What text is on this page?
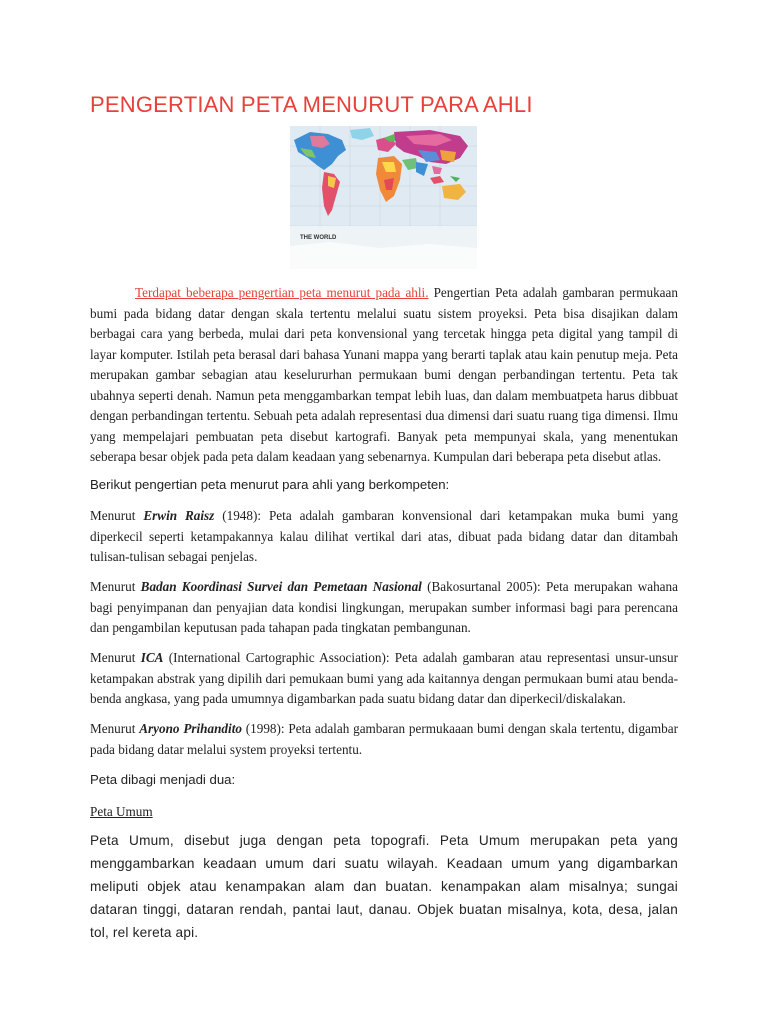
PENGERTIAN PETA MENURUT PARA AHLI
THE WORLD

Terdapat beberapa pengertian peta menurut pada ahli. Pengertian Peta adalah gambaran permukaan bumi pada bidang datar dengan skala tertentu melalui suatu sistem proyeksi. Peta bisa disajikan dalam berbagai cara yang berbeda, mulai dari peta konvensional yang tercetak hingga peta digital yang tampil di layar komputer. Istilah peta berasal dari bahasa Yunani mappa yang berarti taplak atau kain penutup meja. Peta merupakan gambar sebagian atau keselururhan permukaan bumi dengan perbandingan tertentu. Peta tak ubahnya seperti denah. Namun peta menggambarkan tempat lebih luas, dan dalam membuatpeta harus dibbuat dengan perbandingan tertentu. Sebuah peta adalah representasi dua dimensi dari suatu ruang tiga dimensi. Ilmu yang mempelajari pembuatan peta disebut kartografi. Banyak peta mempunyai skala, yang menentukan seberapa besar objek pada peta dalam keadaan yang sebenarnya. Kumpulan dari beberapa peta disebut atlas.

Berikut pengertian peta menurut para ahli yang berkompeten:

Menurut Erwin Raisz (1948): Peta adalah gambaran konvensional dari ketampakan muka bumi yang diperkecil seperti ketampakannya kalau dilihat vertikal dari atas, dibuat pada bidang datar dan ditambah tulisan-tulisan sebagai penjelas.

Menurut Badan Koordinasi Survei dan Pemetaan Nasional (Bakosurtanal 2005): Peta merupakan wahana bagi penyimpanan dan penyajian data kondisi lingkungan, merupakan sumber informasi bagi para perencana dan pengambilan keputusan pada tahapan pada tingkatan pembangunan.

Menurut ICA (International Cartographic Association): Peta adalah gambaran atau representasi unsur-unsur ketampakan abstrak yang dipilih dari pemukaan bumi yang ada kaitannya dengan permukaan bumi atau benda-benda angkasa, yang pada umumnya digambarkan pada suatu bidang datar dan diperkecil/diskalakan.

Menurut Aryono Prihandito (1998): Peta adalah gambaran permukaaan bumi dengan skala tertentu, digambar pada bidang datar melalui system proyeksi tertentu.

Peta dibagi menjadi dua:

Peta Umum

Peta Umum, disebut juga dengan peta topografi. Peta Umum merupakan peta yang menggambarkan keadaan umum dari suatu wilayah. Keadaan umum yang digambarkan meliputi objek atau kenampakan alam dan buatan. kenampakan alam misalnya; sungai dataran tinggi, dataran rendah, pantai laut, danau. Objek buatan misalnya, kota, desa, jalan tol, rel kereta api.
